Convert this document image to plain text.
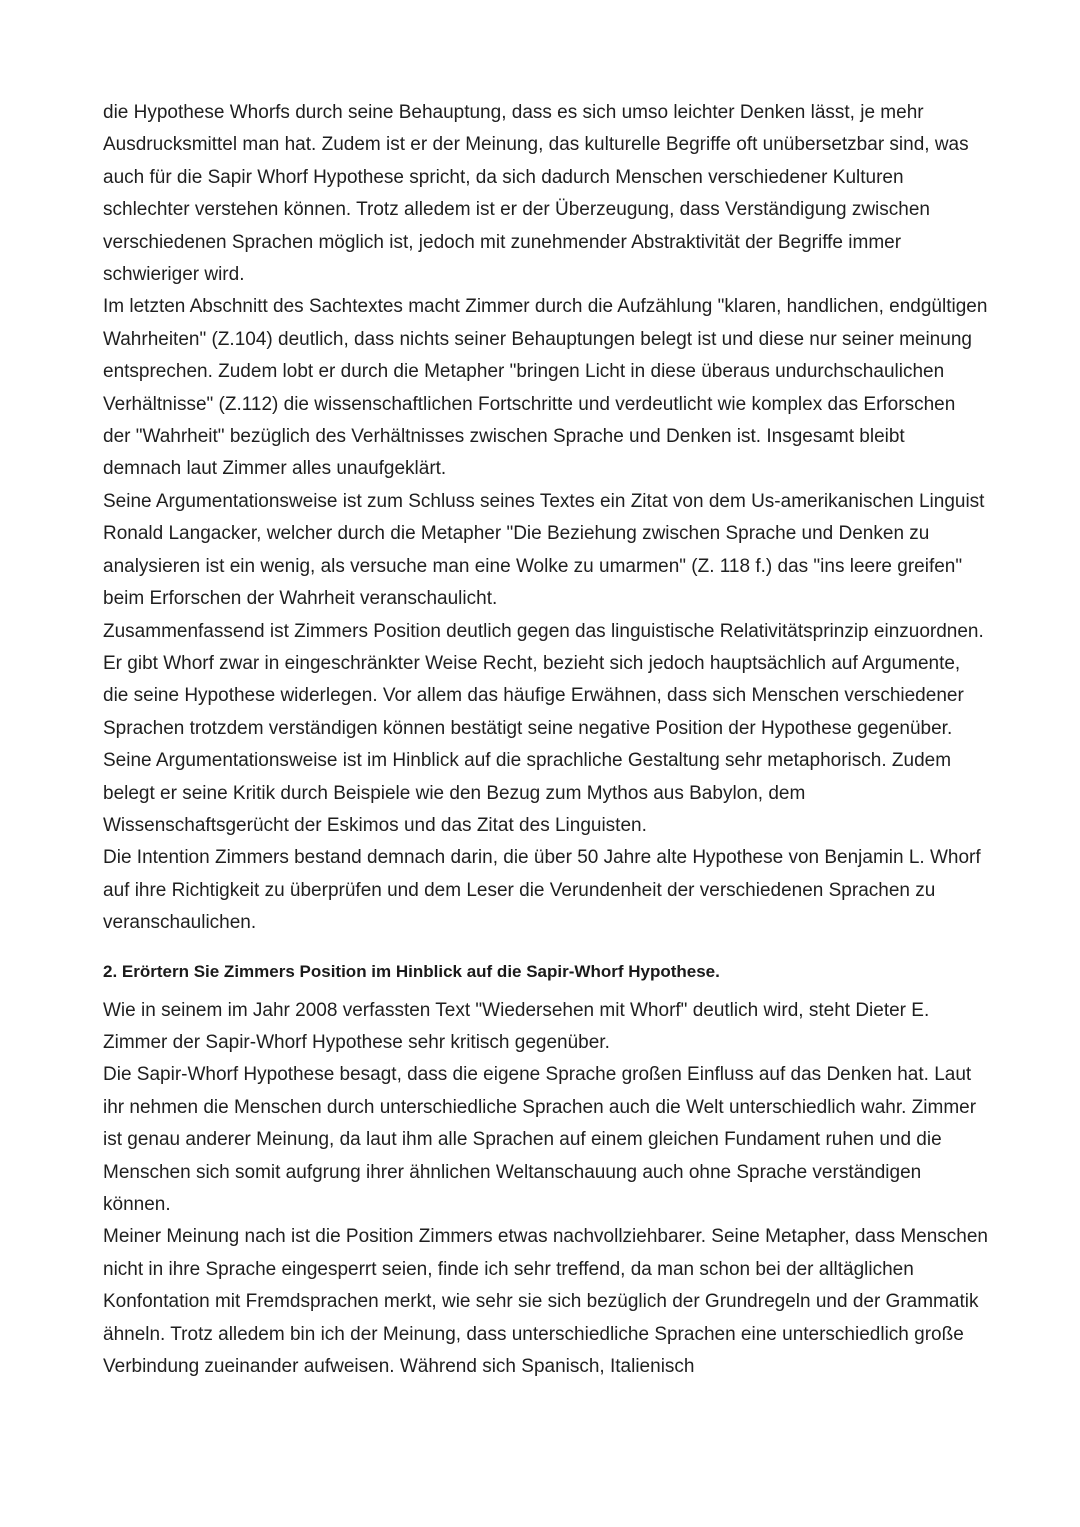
die Hypothese Whorfs durch seine Behauptung, dass es sich umso leichter Denken lässt, je mehr Ausdrucksmittel man hat. Zudem ist er der Meinung, das kulturelle Begriffe oft unübersetzbar sind, was auch für die Sapir Whorf Hypothese spricht, da sich dadurch Menschen verschiedener Kulturen schlechter verstehen können. Trotz alledem ist er der Überzeugung, dass Verständigung zwischen verschiedenen Sprachen möglich ist, jedoch mit zunehmender Abstraktivität der Begriffe immer schwieriger wird.

Im letzten Abschnitt des Sachtextes macht Zimmer durch die Aufzählung "klaren, handlichen, endgültigen Wahrheiten" (Z.104) deutlich, dass nichts seiner Behauptungen belegt ist und diese nur seiner meinung entsprechen. Zudem lobt er durch die Metapher "bringen Licht in diese überaus undurchschaulichen Verhältnisse" (Z.112) die wissenschaftlichen Fortschritte und verdeutlicht wie komplex das Erforschen der "Wahrheit" bezüglich des Verhältnisses zwischen Sprache und Denken ist. Insgesamt bleibt demnach laut Zimmer alles unaufgeklärt.

Seine Argumentationsweise ist zum Schluss seines Textes ein Zitat von dem Us-amerikanischen Linguist Ronald Langacker, welcher durch die Metapher "Die Beziehung zwischen Sprache und Denken zu analysieren ist ein wenig, als versuche man eine Wolke zu umarmen" (Z. 118 f.) das "ins leere greifen" beim Erforschen der Wahrheit veranschaulicht.

Zusammenfassend ist Zimmers Position deutlich gegen das linguistische Relativitätsprinzip einzuordnen. Er gibt Whorf zwar in eingeschränkter Weise Recht, bezieht sich jedoch hauptsächlich auf Argumente, die seine Hypothese widerlegen. Vor allem das häufige Erwähnen, dass sich Menschen verschiedener Sprachen trotzdem verständigen können bestätigt seine negative Position der Hypothese gegenüber.

Seine Argumentationsweise ist im Hinblick auf die sprachliche Gestaltung sehr metaphorisch. Zudem belegt er seine Kritik durch Beispiele wie den Bezug zum Mythos aus Babylon, dem Wissenschaftsgerücht der Eskimos und das Zitat des Linguisten.

Die Intention Zimmers bestand demnach darin, die über 50 Jahre alte Hypothese von Benjamin L. Whorf auf ihre Richtigkeit zu überprüfen und dem Leser die Verundenheit der verschiedenen Sprachen zu veranschaulichen.

2. Erörtern Sie Zimmers Position im Hinblick auf die Sapir-Whorf Hypothese.

Wie in seinem im Jahr 2008 verfassten Text "Wiedersehen mit Whorf" deutlich wird, steht Dieter E. Zimmer der Sapir-Whorf Hypothese sehr kritisch gegenüber.

Die Sapir-Whorf Hypothese besagt, dass die eigene Sprache großen Einfluss auf das Denken hat. Laut ihr nehmen die Menschen durch unterschiedliche Sprachen auch die Welt unterschiedlich wahr. Zimmer ist genau anderer Meinung, da laut ihm alle Sprachen auf einem gleichen Fundament ruhen und die Menschen sich somit aufgrung ihrer ähnlichen Weltanschauung auch ohne Sprache verständigen können.

Meiner Meinung nach ist die Position Zimmers etwas nachvollziehbarer. Seine Metapher, dass Menschen nicht in ihre Sprache eingesperrt seien, finde ich sehr treffend, da man schon bei der alltäglichen Konfontation mit Fremdsprachen merkt, wie sehr sie sich bezüglich der Grundregeln und der Grammatik ähneln. Trotz alledem bin ich der Meinung, dass unterschiedliche Sprachen eine unterschiedlich große Verbindung zueinander aufweisen. Während sich Spanisch, Italienisch
